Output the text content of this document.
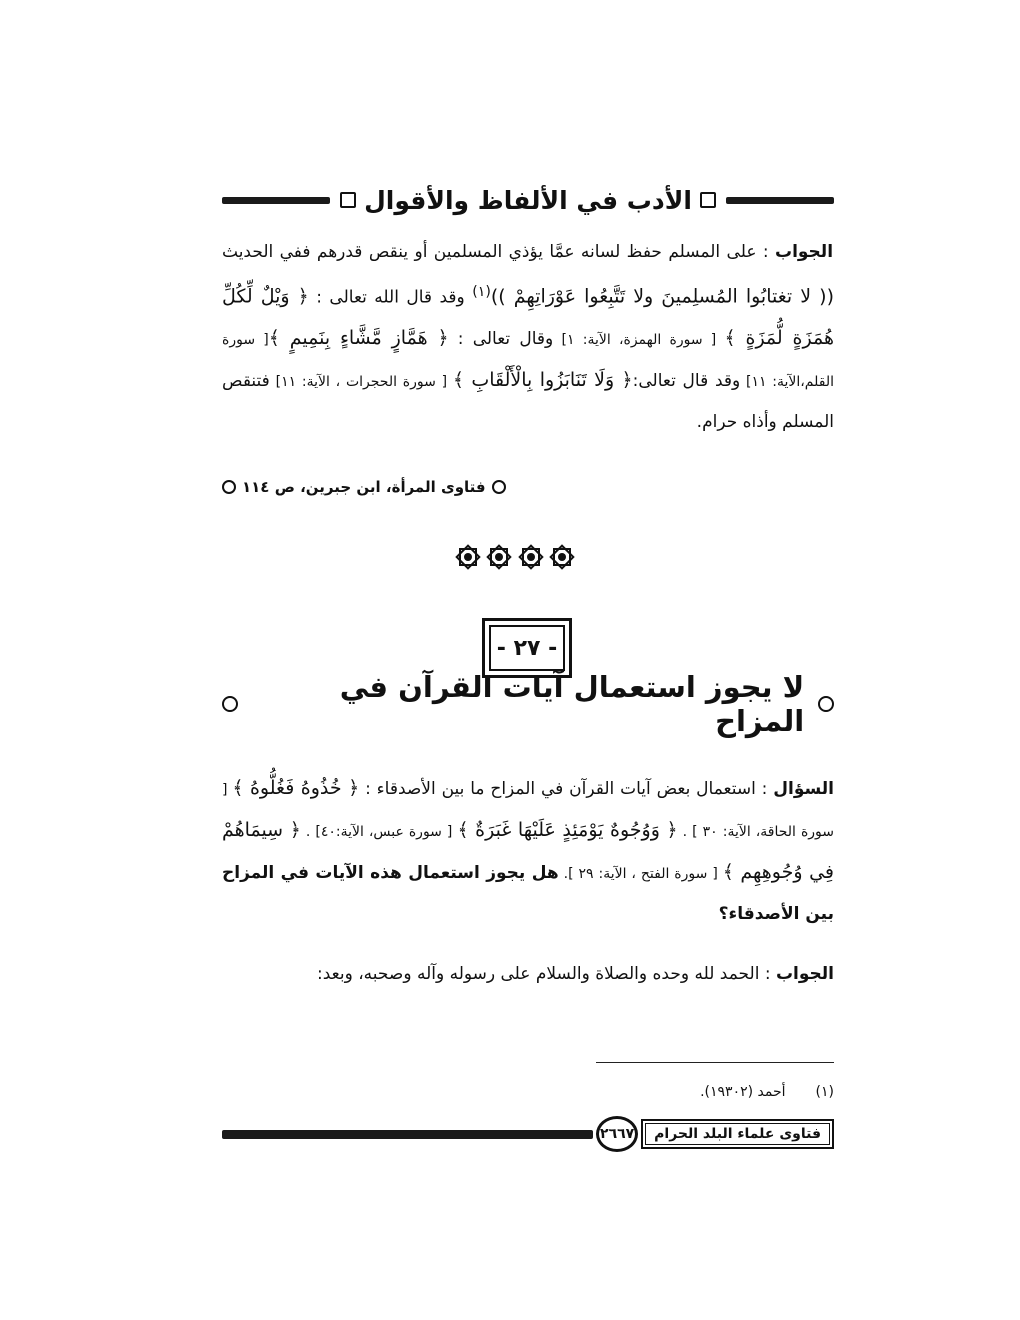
الأدب في الألفاظ والأقوال
الجواب : على المسلم حفظ لسانه عمَّا يؤذي المسلمين أو ينقص قدرهم ففي الحديث (( لا تغتابُوا المُسلِمينَ ولا تَتَّبِعُوا عَوْرَاتِهِمْ ))$^{(١)}$ وقد قال الله تعالى : ﴿ وَيْلٌ لِّكُلِّ هُمَزَةٍ لُّمَزَةٍ ﴾ [ سورة الهمزة، الآية: ١] وقال تعالى : ﴿ هَمَّازٍ مَّشَّاءٍ بِنَمِيمٍ ﴾[ سورة القلم،الآية: ١١] وقد قال تعالى:﴿ وَلَا تَنَابَزُوا بِالْأَلْقَابِ ﴾ [ سورة الحجرات ، الآية: ١١] فتنقص المسلم وأذاه حرام.
فتاوى المرأة، ابن جبرين، ص ١١٤
- ٢٧ -
لا يجوز استعمال آيات القرآن في المزاح
السؤال : استعمال بعض آيات القرآن في المزاح ما بين الأصدقاء : ﴿ خُذُوهُ فَغُلُّوهُ ﴾ [ سورة الحاقة، الآية: ٣٠ ] . ﴿ وَوُجُوهٌ يَوْمَئِذٍ عَلَيْهَا غَبَرَةٌ ﴾ [ سورة عبس، الآية:٤٠] . ﴿ سِيمَاهُمْ فِي وُجُوهِهِم ﴾ [ سورة الفتح ، الآية: ٢٩ ]. هل يجوز استعمال هذه الآيات في المزاح بين الأصدقاء؟
الجواب : الحمد لله وحده والصلاة والسلام على رسوله وآله وصحبه، وبعد:
(١)
أحمد (١٩٣٠٢).
فتاوى علماء البلد الحرام
٢٦٦٧
